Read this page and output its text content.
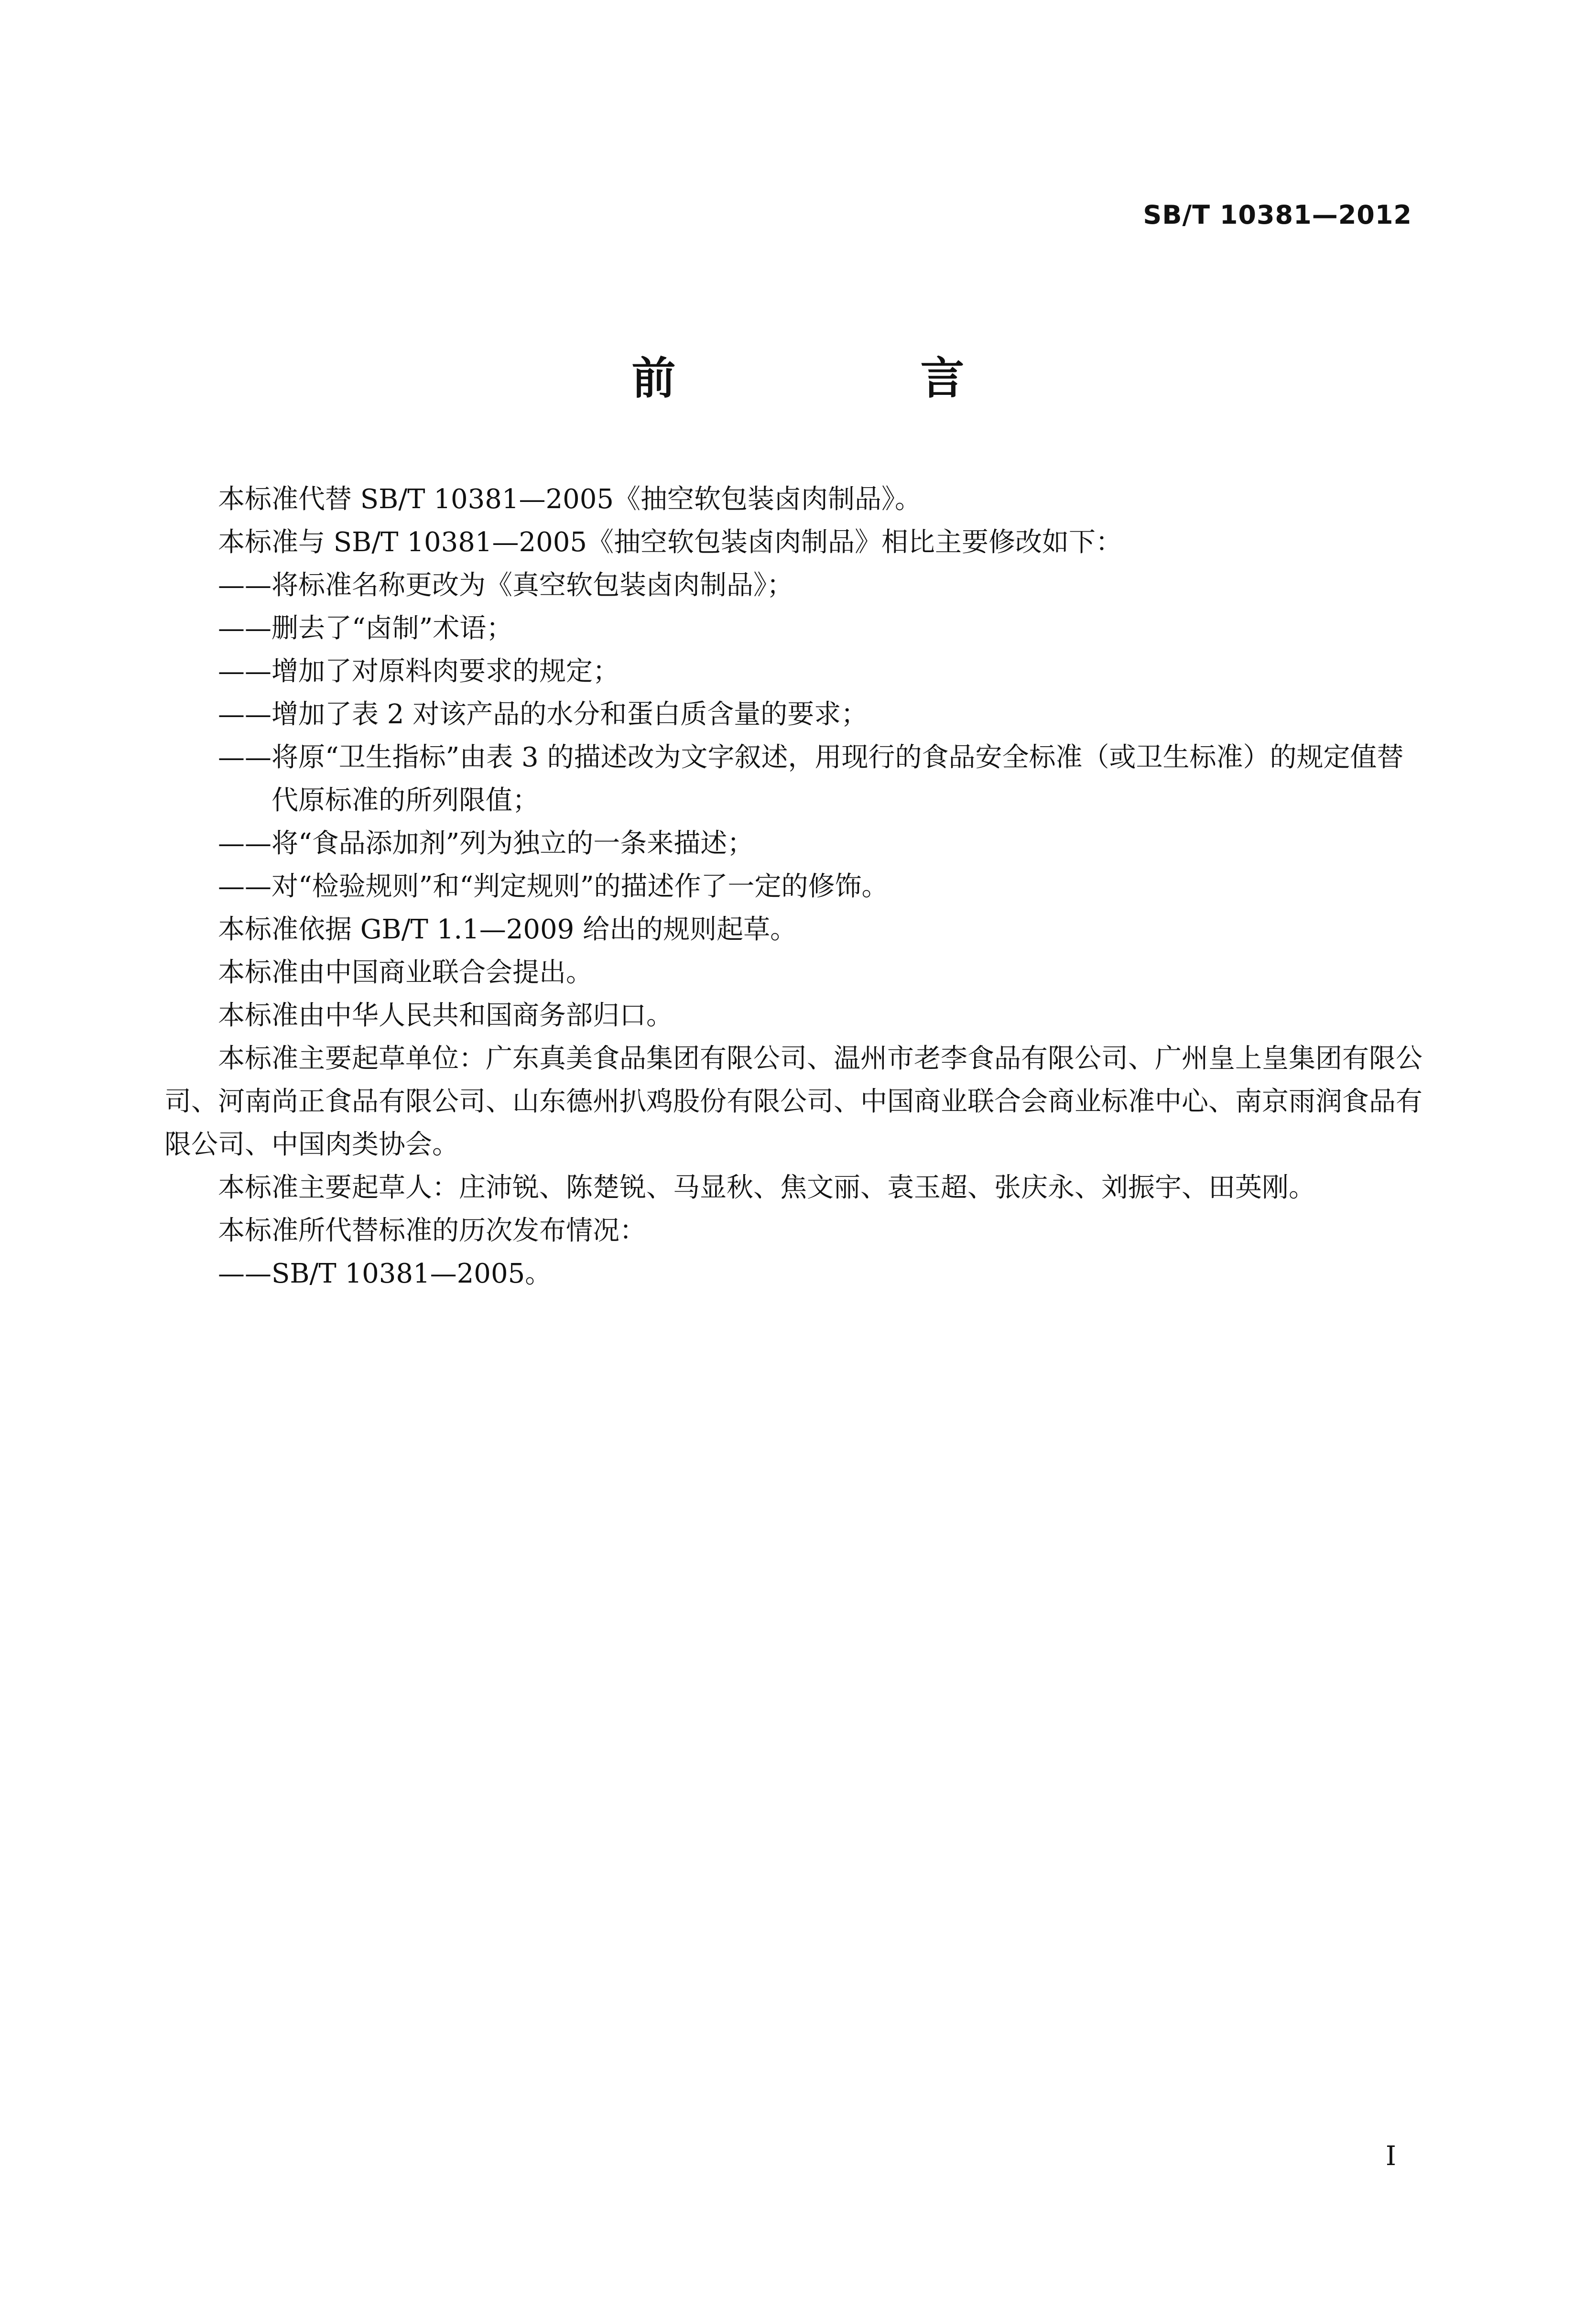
SB/T 10381—2012
前　言

本标准代替 SB/T 10381—2005《抽空软包装卤肉制品》。

本标准与 SB/T 10381—2005《抽空软包装卤肉制品》相比主要修改如下：

——将标准名称更改为《真空软包装卤肉制品》；

——删去了“卤制”术语；

——增加了对原料肉要求的规定；

——增加了表 2 对该产品的水分和蛋白质含量的要求；

——将原“卫生指标”由表 3 的描述改为文字叙述，用现行的食品安全标准（或卫生标准）的规定值替代原标准的所列限值；

——将“食品添加剂”列为独立的一条来描述；

——对“检验规则”和“判定规则”的描述作了一定的修饰。

本标准依据 GB/T 1.1—2009 给出的规则起草。

本标准由中国商业联合会提出。

本标准由中华人民共和国商务部归口。

本标准主要起草单位：广东真美食品集团有限公司、温州市老李食品有限公司、广州皇上皇集团有限公司、河南尚正食品有限公司、山东德州扒鸡股份有限公司、中国商业联合会商业标准中心、南京雨润食品有限公司、中国肉类协会。

本标准主要起草人：庄沛锐、陈楚锐、马显秋、焦文丽、袁玉超、张庆永、刘振宇、田英刚。

本标准所代替标准的历次发布情况：

——SB/T 10381—2005。

I
